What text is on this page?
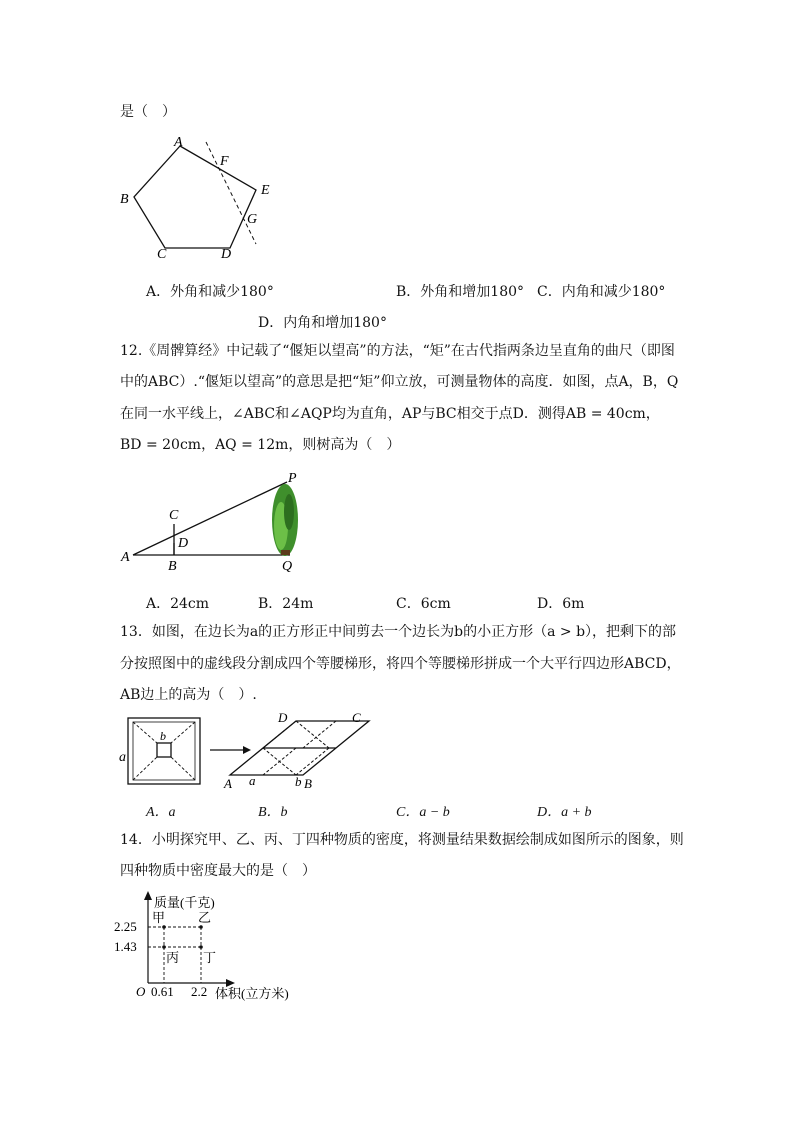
是（　）
A
B
C	D
E
F
G
A．外角和减少180°	B．外角和增加180° C．内角和减少180°
D．内角和增加180°
12.《周髀算经》中记载了“偃矩以望高”的方法，“矩”在古代指两条边呈直角的曲尺（即图
中的ABC）.“偃矩以望高”的意思是把“矩”仰立放，可测量物体的高度．如图，点A，B，Q
在同一水平线上，∠ABC和∠AQP均为直角，AP与BC相交于点D．测得AB = 40cm，
BD = 20cm，AQ = 12m，则树高为（　）
P
C
D
A
B	Q
A．24cm	B．24m	C．6cm	D．6m
13．如图，在边长为a的正方形正中间剪去一个边长为b的小正方形（a > b），把剩下的部
分按照图中的虚线段分割成四个等腰梯形，将四个等腰梯形拼成一个大平行四边形ABCD，
AB边上的高为（　）.
a
b
D	C
A a	b B
A．a	B．b	C．a − b	D．a + b
14．小明探究甲、乙、丙、丁四种物质的密度，将测量结果数据绘制成如图所示的图象，则
四种物质中密度最大的是（　）
质量(千克)
体积(立方米)
O
2.25
1.43
0.61 2.2
甲	乙
丙 丁
